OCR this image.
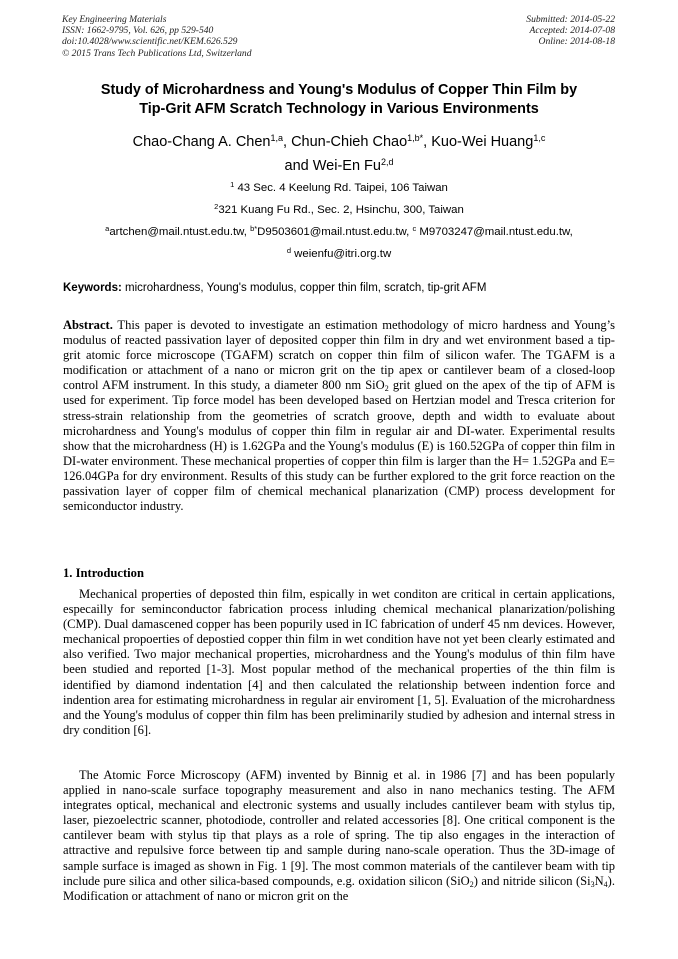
Key Engineering Materials
ISSN: 1662-9795, Vol. 626, pp 529-540
doi:10.4028/www.scientific.net/KEM.626.529
© 2015 Trans Tech Publications Ltd, Switzerland
Submitted: 2014-05-22
Accepted: 2014-07-08
Online: 2014-08-18
Study of Microhardness and Young's Modulus of Copper Thin Film by
Tip-Grit AFM Scratch Technology in Various Environments
Chao-Chang A. Chen$^{1,a}$, Chun-Chieh Chao$^{1,b*}$, Kuo-Wei Huang$^{1,c}$
and Wei-En Fu$^{2,d}$
$^1$ 43 Sec. 4 Keelung Rd. Taipei, 106 Taiwan
$^2$321 Kuang Fu Rd., Sec. 2, Hsinchu, 300, Taiwan
$^a$artchen@mail.ntust.edu.tw, $^{b*}$D9503601@mail.ntust.edu.tw, $^c$ M9703247@mail.ntust.edu.tw,
$^d$ weienfu@itri.org.tw
Keywords: microhardness, Young's modulus, copper thin film, scratch, tip-grit AFM

Abstract. This paper is devoted to investigate an estimation methodology of micro hardness and Young’s modulus of reacted passivation layer of deposited copper thin film in dry and wet environment based a tip-grit atomic force microscope (TGAFM) scratch on copper thin film of silicon wafer. The TGAFM is a modification or attachment of a nano or micron grit on the tip apex or cantilever beam of a closed-loop control AFM instrument. In this study, a diameter 800 nm SiO$_2$ grit glued on the apex of the tip of AFM is used for experiment. Tip force model has been developed based on Hertzian model and Tresca criterion for stress-strain relationship from the geometries of scratch groove, depth and width to evaluate about microhardness and Young's modulus of copper thin film in regular air and DI-water. Experimental results show that the microhardness (H) is 1.62GPa and the Young's modulus (E) is 160.52GPa of copper thin film in DI-water environment. These mechanical properties of copper thin film is larger than the H= 1.52GPa and E= 126.04GPa for dry environment. Results of this study can be further explored to the grit force reaction on the passivation layer of copper film of chemical mechanical planarization (CMP) process development for semiconductor industry.

1. Introduction

Mechanical properties of deposted thin film, espically in wet conditon are critical in certain applications, especailly for seminconductor fabrication process inluding chemical mechanical planarization/polishing (CMP). Dual damascened copper has been popurily used in IC fabrication of underf 45 nm devices. However, mechanical propoerties of depostied copper thin film in wet condition have not yet been clearly estimated and also verified. Two major mechanical properties, microhardness and the Young's modulus of thin film have been studied and reported [1-3]. Most popular method of the mechanical properties of the thin film is identified by diamond indentation [4] and then calculated the relationship between indention force and indention area for estimating microhardness in regular air enviroment [1, 5]. Evaluation of the microhardness and the Young's modulus of copper thin film has been preliminarily studied by adhesion and internal stress in dry condition [6].

The Atomic Force Microscopy (AFM) invented by Binnig et al. in 1986 [7] and has been popularly applied in nano-scale surface topography measurement and also in nano mechanics testing. The AFM integrates optical, mechanical and electronic systems and usually includes cantilever beam with stylus tip, laser, piezoelectric scanner, photodiode, controller and related accessories [8]. One critical component is the cantilever beam with stylus tip that plays as a role of spring. The tip also engages in the interaction of attractive and repulsive force between tip and sample during nano-scale operation. Thus the 3D-image of sample surface is imaged as shown in Fig. 1 [9]. The most common materials of the cantilever beam with tip include pure silica and other silica-based compounds, e.g. oxidation silicon (SiO$_2$) and nitride silicon $(Si_3N_4)$. Modification or attachment of nano or micron grit on the
